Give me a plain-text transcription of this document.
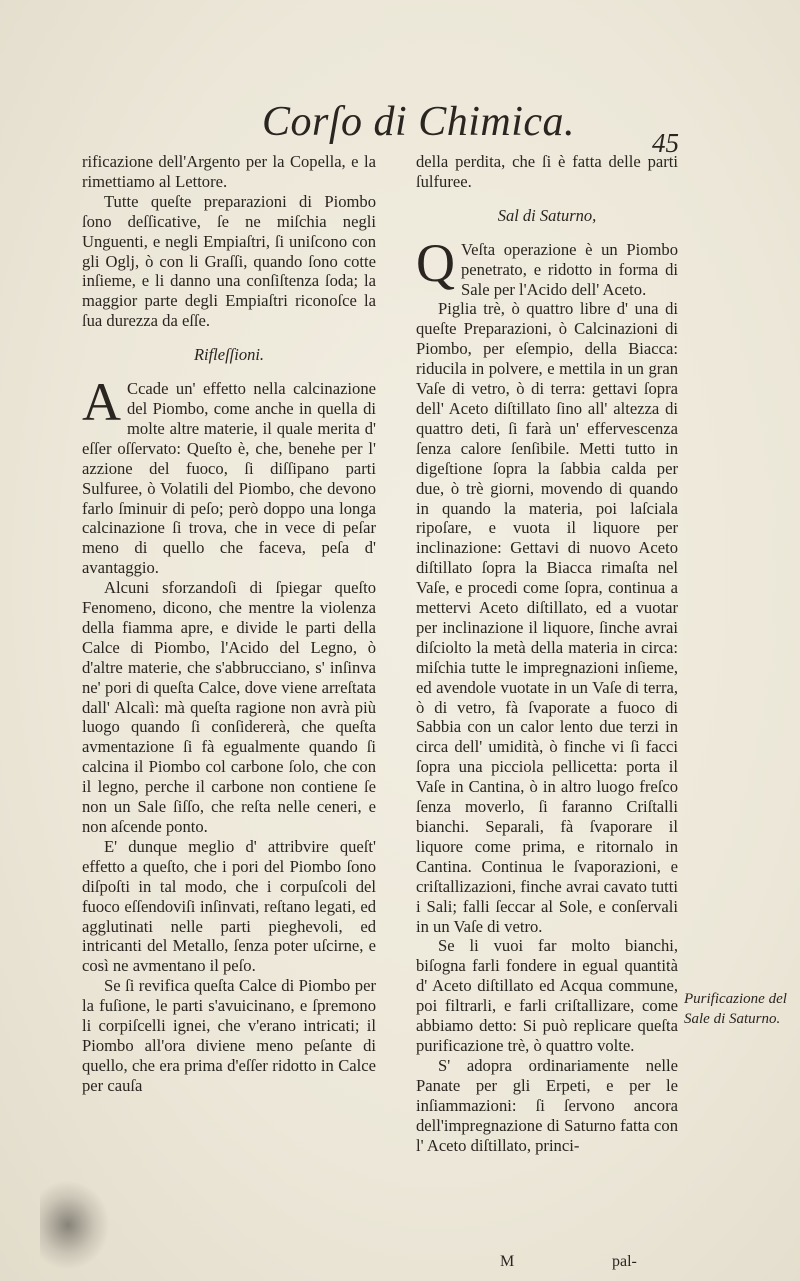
Corſo di Chimica.	45

rificazione dell'Argento per la Copella, e la rimettiamo al Lettore.

Tutte queſte preparazioni di Piombo ſono deſſicative, ſe ne miſchia negli Unguenti, e negli Empiaſtri, ſi uniſcono con gli Oglj, ò con li Graſſi, quando ſono cotte inſieme, e li danno una conſiſtenza ſoda; la maggior parte degli Empiaſtri riconoſce la ſua durezza da eſſe.

Rifleſſioni.

A Ccade un' effetto nella calcinazione del Piombo, come anche in quella di molte altre materie, il quale merita d' eſſer oſſervato: Queſto è, che, benehe per l' azzione del fuoco, ſi diſſipano parti Sulfuree, ò Volatili del Piombo, che devono farlo ſminuir di peſo; però doppo una longa calcinazione ſi trova, che in vece di peſar meno di quello che faceva, peſa d' avantaggio.

Alcuni sforzandoſi di ſpiegar queſto Fenomeno, dicono, che mentre la violenza della fiamma apre, e divide le parti della Calce di Piombo, l'Acido del Legno, ò d'altre materie, che s'abbrucciano, s' inſinva ne' pori di queſta Calce, dove viene arreſtata dall' Alcalì: mà queſta ragione non avrà più luogo quando ſi conſidererà, che queſta avmentazione ſi fà egualmente quando ſi calcina il Piombo col carbone ſolo, che con il legno, perche il carbone non contiene ſe non un Sale ſiſſo, che reſta nelle ceneri, e non aſcende ponto.

E' dunque meglio d' attribvire queſt' effetto a queſto, che i pori del Piombo ſono diſpoſti in tal modo, che i corpuſcoli del fuoco eſſendoviſi inſinvati, reſtano legati, ed agglutinati nelle parti pieghevoli, ed intricanti del Metallo, ſenza poter uſcirne, e così ne avmentano il peſo.

Se ſi revifica queſta Calce di Piombo per la fuſione, le parti s'avuicinano, e ſpremono li corpiſcelli ignei, che v'erano intricati; il Piombo all'ora diviene meno peſante di quello, che era prima d'eſſer ridotto in Calce per cauſa

della perdita, che ſi è fatta delle parti ſulfuree.

Sal di Saturno,

Q Veſta operazione è un Piombo penetrato, e ridotto in forma di Sale per l'Acido dell' Aceto.

Piglia trè, ò quattro libre d' una di queſte Preparazioni, ò Calcinazioni di Piombo, per eſempio, della Biacca: riducila in polvere, e mettila in un gran Vaſe di vetro, ò di terra: gettavi ſopra dell' Aceto diſtillato ſino all' altezza di quattro deti, ſi farà un' effervescenza ſenza calore ſenſibile. Metti tutto in digeſtione ſopra la ſabbia calda per due, ò trè giorni, movendo di quando in quando la materia, poi laſciala ripoſare, e vuota il liquore per inclinazione: Gettavi di nuovo Aceto diſtillato ſopra la Biacca rimaſta nel Vaſe, e procedi come ſopra, continua a mettervi Aceto diſtillato, ed a vuotar per inclinazione il liquore, ſinche avrai diſciolto la metà della materia in circa: miſchia tutte le impregnazioni inſieme, ed avendole vuotate in un Vaſe di terra, ò di vetro, fà ſvaporate a fuoco di Sabbia con un calor lento due terzi in circa dell' umidità, ò finche vi ſi facci ſopra una picciola pellicetta: porta il Vaſe in Cantina, ò in altro luogo freſco ſenza moverlo, ſi faranno Criſtalli bianchi. Separali, fà ſvaporare il liquore come prima, e ritornalo in Cantina. Continua le ſvaporazioni, e criſtallizazioni, finche avrai cavato tutti i Sali; falli ſeccar al Sole, e conſervali in un Vaſe di vetro.

Se li vuoi far molto bianchi, biſogna farli fondere in egual quantità d' Aceto diſtillato ed Acqua commune, poi filtrarli, e farli criſtallizare, come abbiamo detto: Si può replicare queſta purificazione trè, ò quattro volte.

S' adopra ordinariamente nelle Panate per gli Erpeti, e per le inſiammazioni: ſi ſervono ancora dell'impregnazione di Saturno fatta con l' Aceto diſtillato, princi-

Purificazione del Sale di Saturno.
M	pal-
